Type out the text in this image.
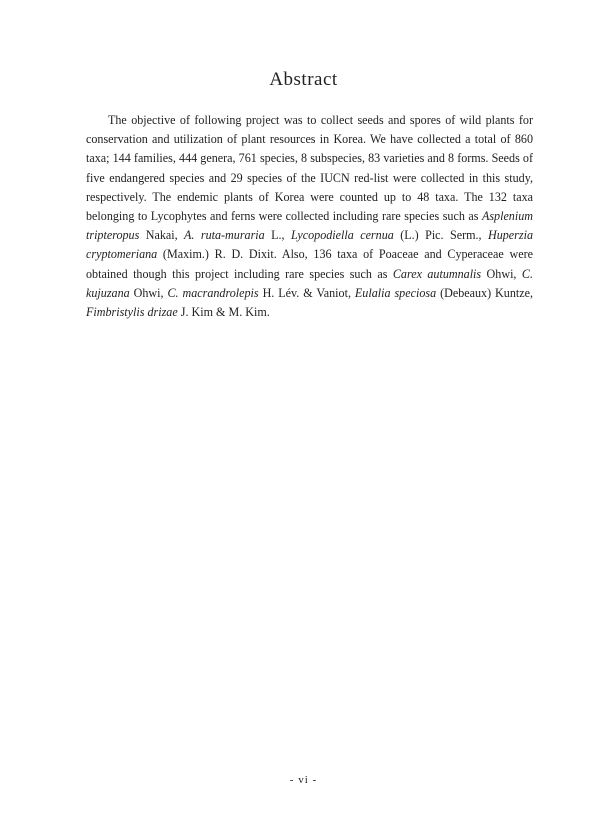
Abstract

The objective of following project was to collect seeds and spores of wild plants for conservation and utilization of plant resources in Korea. We have collected a total of 860 taxa; 144 families, 444 genera, 761 species, 8 subspecies, 83 varieties and 8 forms. Seeds of five endangered species and 29 species of the IUCN red-list were collected in this study, respectively. The endemic plants of Korea were counted up to 48 taxa. The 132 taxa belonging to Lycophytes and ferns were collected including rare species such as Asplenium tripteropus Nakai, A. ruta-muraria L., Lycopodiella cernua (L.) Pic. Serm., Huperzia cryptomeriana (Maxim.) R. D. Dixit. Also, 136 taxa of Poaceae and Cyperaceae were obtained though this project including rare species such as Carex autumnalis Ohwi, C. kujuzana Ohwi, C. macrandrolepis H. Lév. & Vaniot, Eulalia speciosa (Debeaux) Kuntze, Fimbristylis drizae J. Kim & M. Kim.

- vi -
